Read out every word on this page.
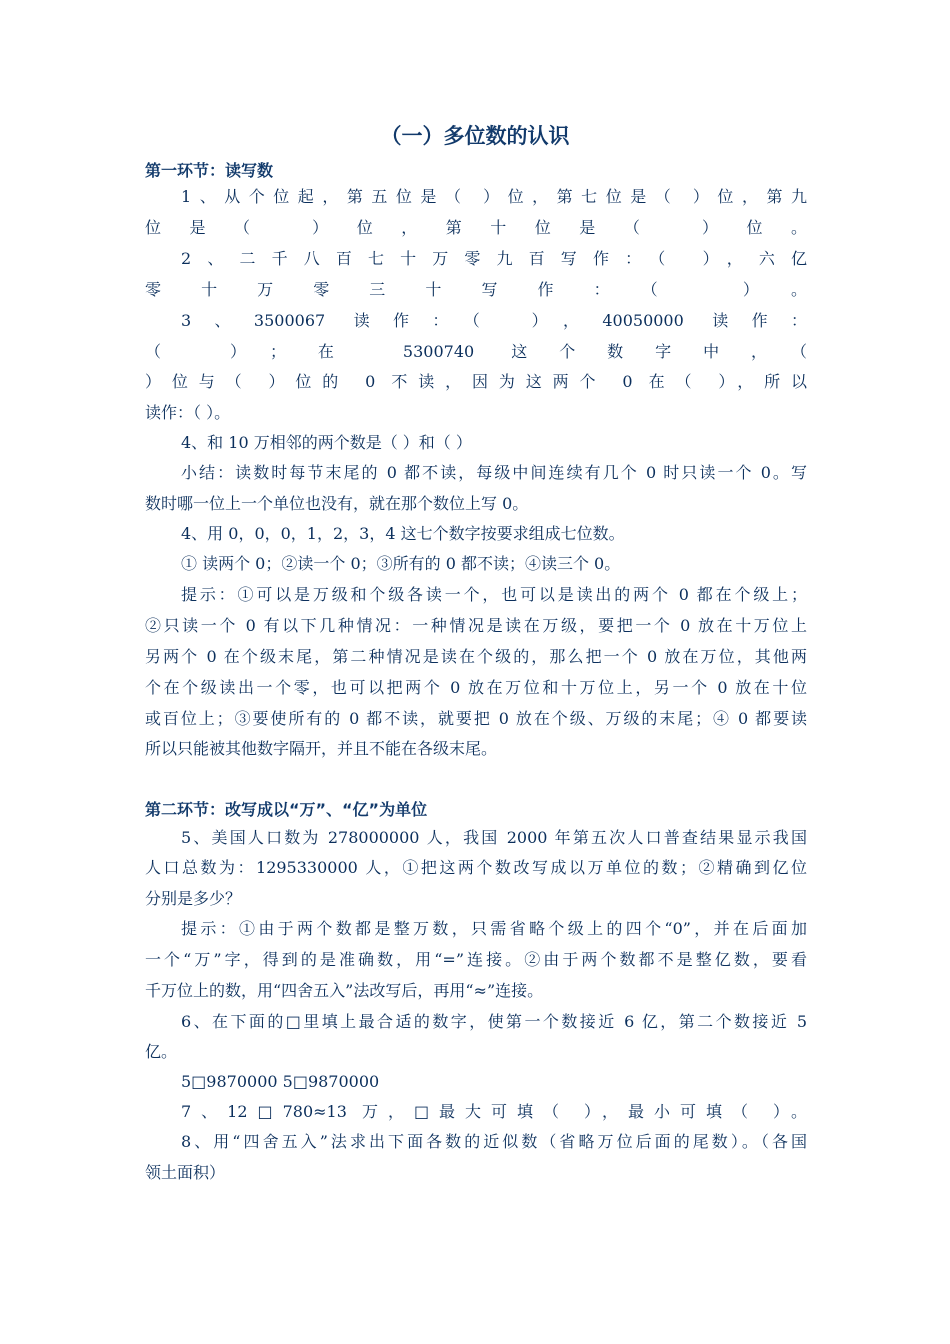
（一）多位数的认识
第一环节：读写数
1、从个位起，第五位是（ ）位，第七位是（ ）位，第九
位是（ ）位，第十位是（ ）位。
2、二千八百七十万零九百写作：（ ），六亿
零十万零三十写作：（ ）。
3、3500067 读作：（ ），40050000 读作：
（ ）；在 5300740 这个数字中，（
）位与（ ）位的 0 不读，因为这两个 0 在（ ），所以
读作：（ ）。
4、和 10 万相邻的两个数是（ ）和（ ）
小结：读数时每节末尾的 0 都不读，每级中间连续有几个 0 时只读一个 0。写
数时哪一位上一个单位也没有，就在那个数位上写 0。
4、用 0，0，0，1，2，3，4 这七个数字按要求组成七位数。
① 读两个 0；②读一个 0；③所有的 0 都不读；④读三个 0。
提示：①可以是万级和个级各读一个，也可以是读出的两个 0 都在个级上；
②只读一个 0 有以下几种情况：一种情况是读在万级，要把一个 0 放在十万位上
另两个 0 在个级末尾，第二种情况是读在个级的，那么把一个 0 放在万位，其他两
个在个级读出一个零，也可以把两个 0 放在万位和十万位上，另一个 0 放在十位
或百位上；③要使所有的 0 都不读，就要把 0 放在个级、万级的末尾；④ 0 都要读
所以只能被其他数字隔开，并且不能在各级末尾。
第二环节：改写成以“万”、“亿”为单位
5、美国人口数为 278000000 人，我国 2000 年第五次人口普查结果显示我国
人口总数为：1295330000 人，①把这两个数改写成以万单位的数；②精确到亿位
分别是多少？
提示：①由于两个数都是整万数，只需省略个级上的四个“0”，并在后面加
一个“万”字，得到的是准确数，用“=”连接。②由于两个数都不是整亿数，要看
千万位上的数，用“四舍五入”法改写后，再用“≈”连接。
6、在下面的□里填上最合适的数字，使第一个数接近 6 亿，第二个数接近 5
亿。
5□9870000 5□9870000
7、12□780≈13 万，□最大可填（ ），最小可填（ ）。
8、用“四舍五入”法求出下面各数的近似数（省略万位后面的尾数）。（各国
领土面积）
